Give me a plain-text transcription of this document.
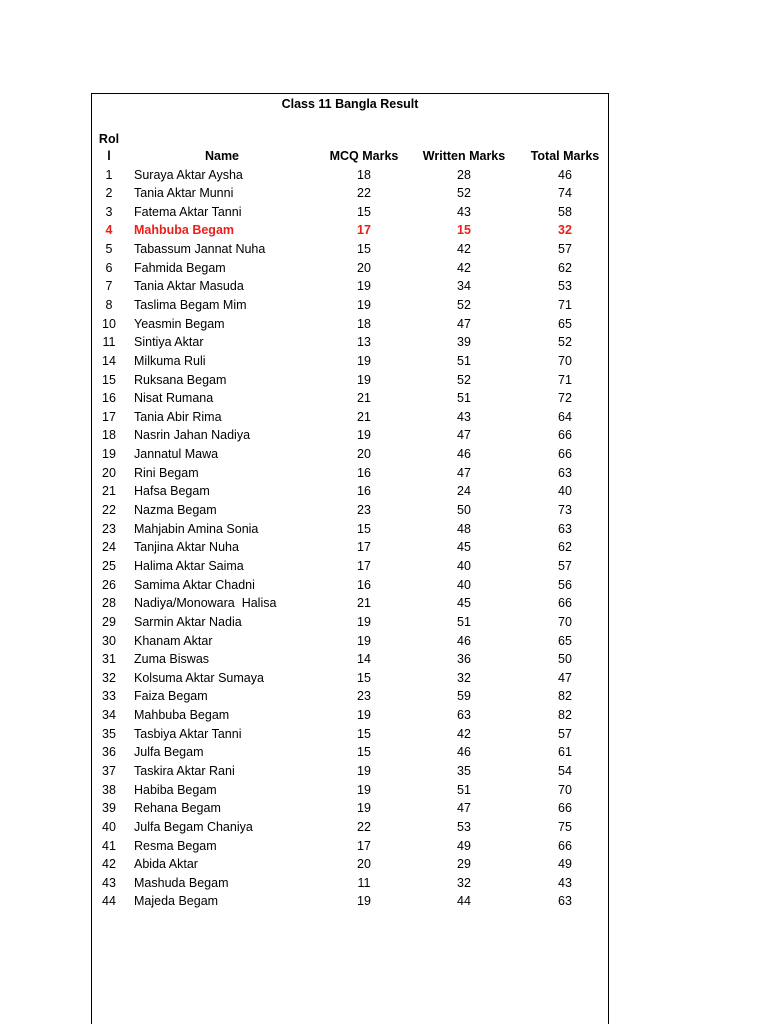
Class 11 Bangla Result
Rol
l	Name	MCQ Marks	Written Marks	Total Marks
1	Suraya Aktar Aysha	18	28	46
2	Tania Aktar Munni	22	52	74
3	Fatema Aktar Tanni	15	43	58
4	Mahbuba Begam	17	15	32
5	Tabassum Jannat Nuha	15	42	57
6	Fahmida Begam	20	42	62
7	Tania Aktar Masuda	19	34	53
8	Taslima Begam Mim	19	52	71
10	Yeasmin Begam	18	47	65
11	Sintiya Aktar	13	39	52
14	Milkuma Ruli	19	51	70
15	Ruksana Begam	19	52	71
16	Nisat Rumana	21	51	72
17	Tania Abir Rima	21	43	64
18	Nasrin Jahan Nadiya	19	47	66
19	Jannatul Mawa	20	46	66
20	Rini Begam	16	47	63
21	Hafsa Begam	16	24	40
22	Nazma Begam	23	50	73
23	Mahjabin Amina Sonia	15	48	63
24	Tanjina Aktar Nuha	17	45	62
25	Halima Aktar Saima	17	40	57
26	Samima Aktar Chadni	16	40	56
28	Nadiya/Monowara  Halisa	21	45	66
29	Sarmin Aktar Nadia	19	51	70
30	Khanam Aktar	19	46	65
31	Zuma Biswas	14	36	50
32	Kolsuma Aktar Sumaya	15	32	47
33	Faiza Begam	23	59	82
34	Mahbuba Begam	19	63	82
35	Tasbiya Aktar Tanni	15	42	57
36	Julfa Begam	15	46	61
37	Taskira Aktar Rani	19	35	54
38	Habiba Begam	19	51	70
39	Rehana Begam	19	47	66
40	Julfa Begam Chaniya	22	53	75
41	Resma Begam	17	49	66
42	Abida Aktar	20	29	49
43	Mashuda Begam	11	32	43
44	Majeda Begam	19	44	63
